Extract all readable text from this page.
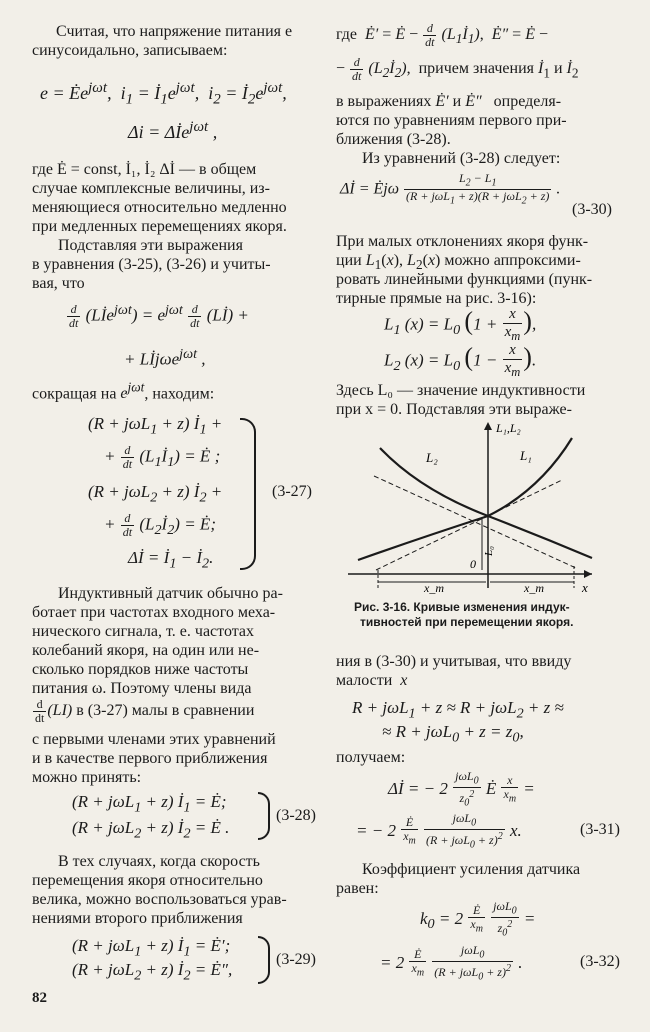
Считая, что напряжение питания e
синусоидально, записываем:
$e = Ėe^{j\omega t}$,  $i_1$ = $İ_1e^{j\omega t}$,  $i_2$ = $İ_2e^{j\omega t}$,
Δi = Δİe$^{j\omega t}$ ,
где Ė = const, İ₁, İ₂ Δİ — в общем
случае комплексные величины, из-
меняющиеся относительно медленно
при медленных перемещениях якоря.
Подставляя эти выражения
в уравнения (3-25), (3-26) и учиты-
вая, что
$\frac{d}{dt}$ (Lİe$^{j\omega t}$) = $e^{j\omega t} \frac{d}{dt}$ (Lİ) +
+ Lİjωe$^{j\omega t}$ ,
сокращая на $e^{j\omega t}$, находим:
(R + jωL$_1$ + z) $İ_1$ +
+ $\frac{d}{dt}$ $(L_1İ_1)$ = Ė ;
(R + jωL$_2$ + z) $İ_2$ +
+ $\frac{d}{dt}$ $(L_2İ_2)$ = Ė;
Δİ = $İ_1$ − $İ_2$.
(3-27)
Индуктивный датчик обычно ра-
ботает при частотах входного меха-
нического сигнала, т. е. частотах
колебаний якоря, на один или не-
сколько порядков ниже частоты
питания ω. Поэтому члены вида
$\frac{d}{dt} (LI)$ в (3-27) малы в сравнении
с первыми членами этих уравнений
и в качестве первого приближения
можно принять:
(R + jωL$_1$ + z) $İ_1$ = Ė;
(R + jωL$_2$ + z) $İ_2$ = Ė .
(3-28)
В тех случаях, когда скорость
перемещения якоря относительно
велика, можно воспользоваться урав-
нениями второго приближения
(R + jωL$_1$ + z) $İ_1$ = Ė′;
(R + jωL$_2$ + z) $İ_2$ = Ė″,
(3-29)
82
где  Ė′ = Ė − $\frac{d}{dt}$ $(L_1İ_1)$,  Ė″ = Ė −
− $\frac{d}{dt}$ $(L_2İ_2)$,  причем значения $İ_1$ и $İ_2$
в выражениях Ė′ и Ė″   определя-
ются по уравнениям первого при-
ближения (3-28).
Из уравнений (3-28) следует:
Δİ = Ėjω $\frac{L_2 - L_1}{(R + j\omega L_1 + z)(R + j\omega L_2 + z)}$ .
(3-30)
При малых отклонениях якоря функ-
ции $L_1(x)$, $L_2(x)$ можно аппроксими-
ровать линейными функциями (пунк-
тирные прямые на рис. 3-16):
$L_1$ $(x) = L_0$ ($1 + \frac{x}{x_m}$ ),
$L_2$ $(x) = L_0$ ($1 - \frac{x}{x_m}$ ).
Здесь L₀ — значение индуктивности
при x = 0. Подставляя эти выраже-
L₁,L₂
x
L₂	L₁
L₀
0
x_m	x_m
Рис. 3-16. Кривые изменения индук-
тивностей при перемещении якоря.
ния в (3-30) и учитывая, что ввиду
малости  x
R + jωL$_1$ + z ≈ R + jωL$_2$ + z ≈
≈ $R + j\omega L_0 + z = z_0$,
получаем:
Δİ = − $2 \frac{j\omega L_0}{z_0^2}$ Ė $\frac{x}{x_m}$ =
= − $2 \frac{Ė}{x_m}$
$\frac{j\omega L_0}{(R + j\omega L_0 + z)^2} x$.	(3-31)
Коэффициент усиления датчика
равен:
$k_0 = 2 \frac{Ė}{x_m}$
$\frac{j\omega L_0}{z_0^2}$ =
= $2 \frac{Ė}{x_m}$
$\frac{j\omega L_0}{(R + j\omega L_0 + z)^2}$ .	(3-32)
